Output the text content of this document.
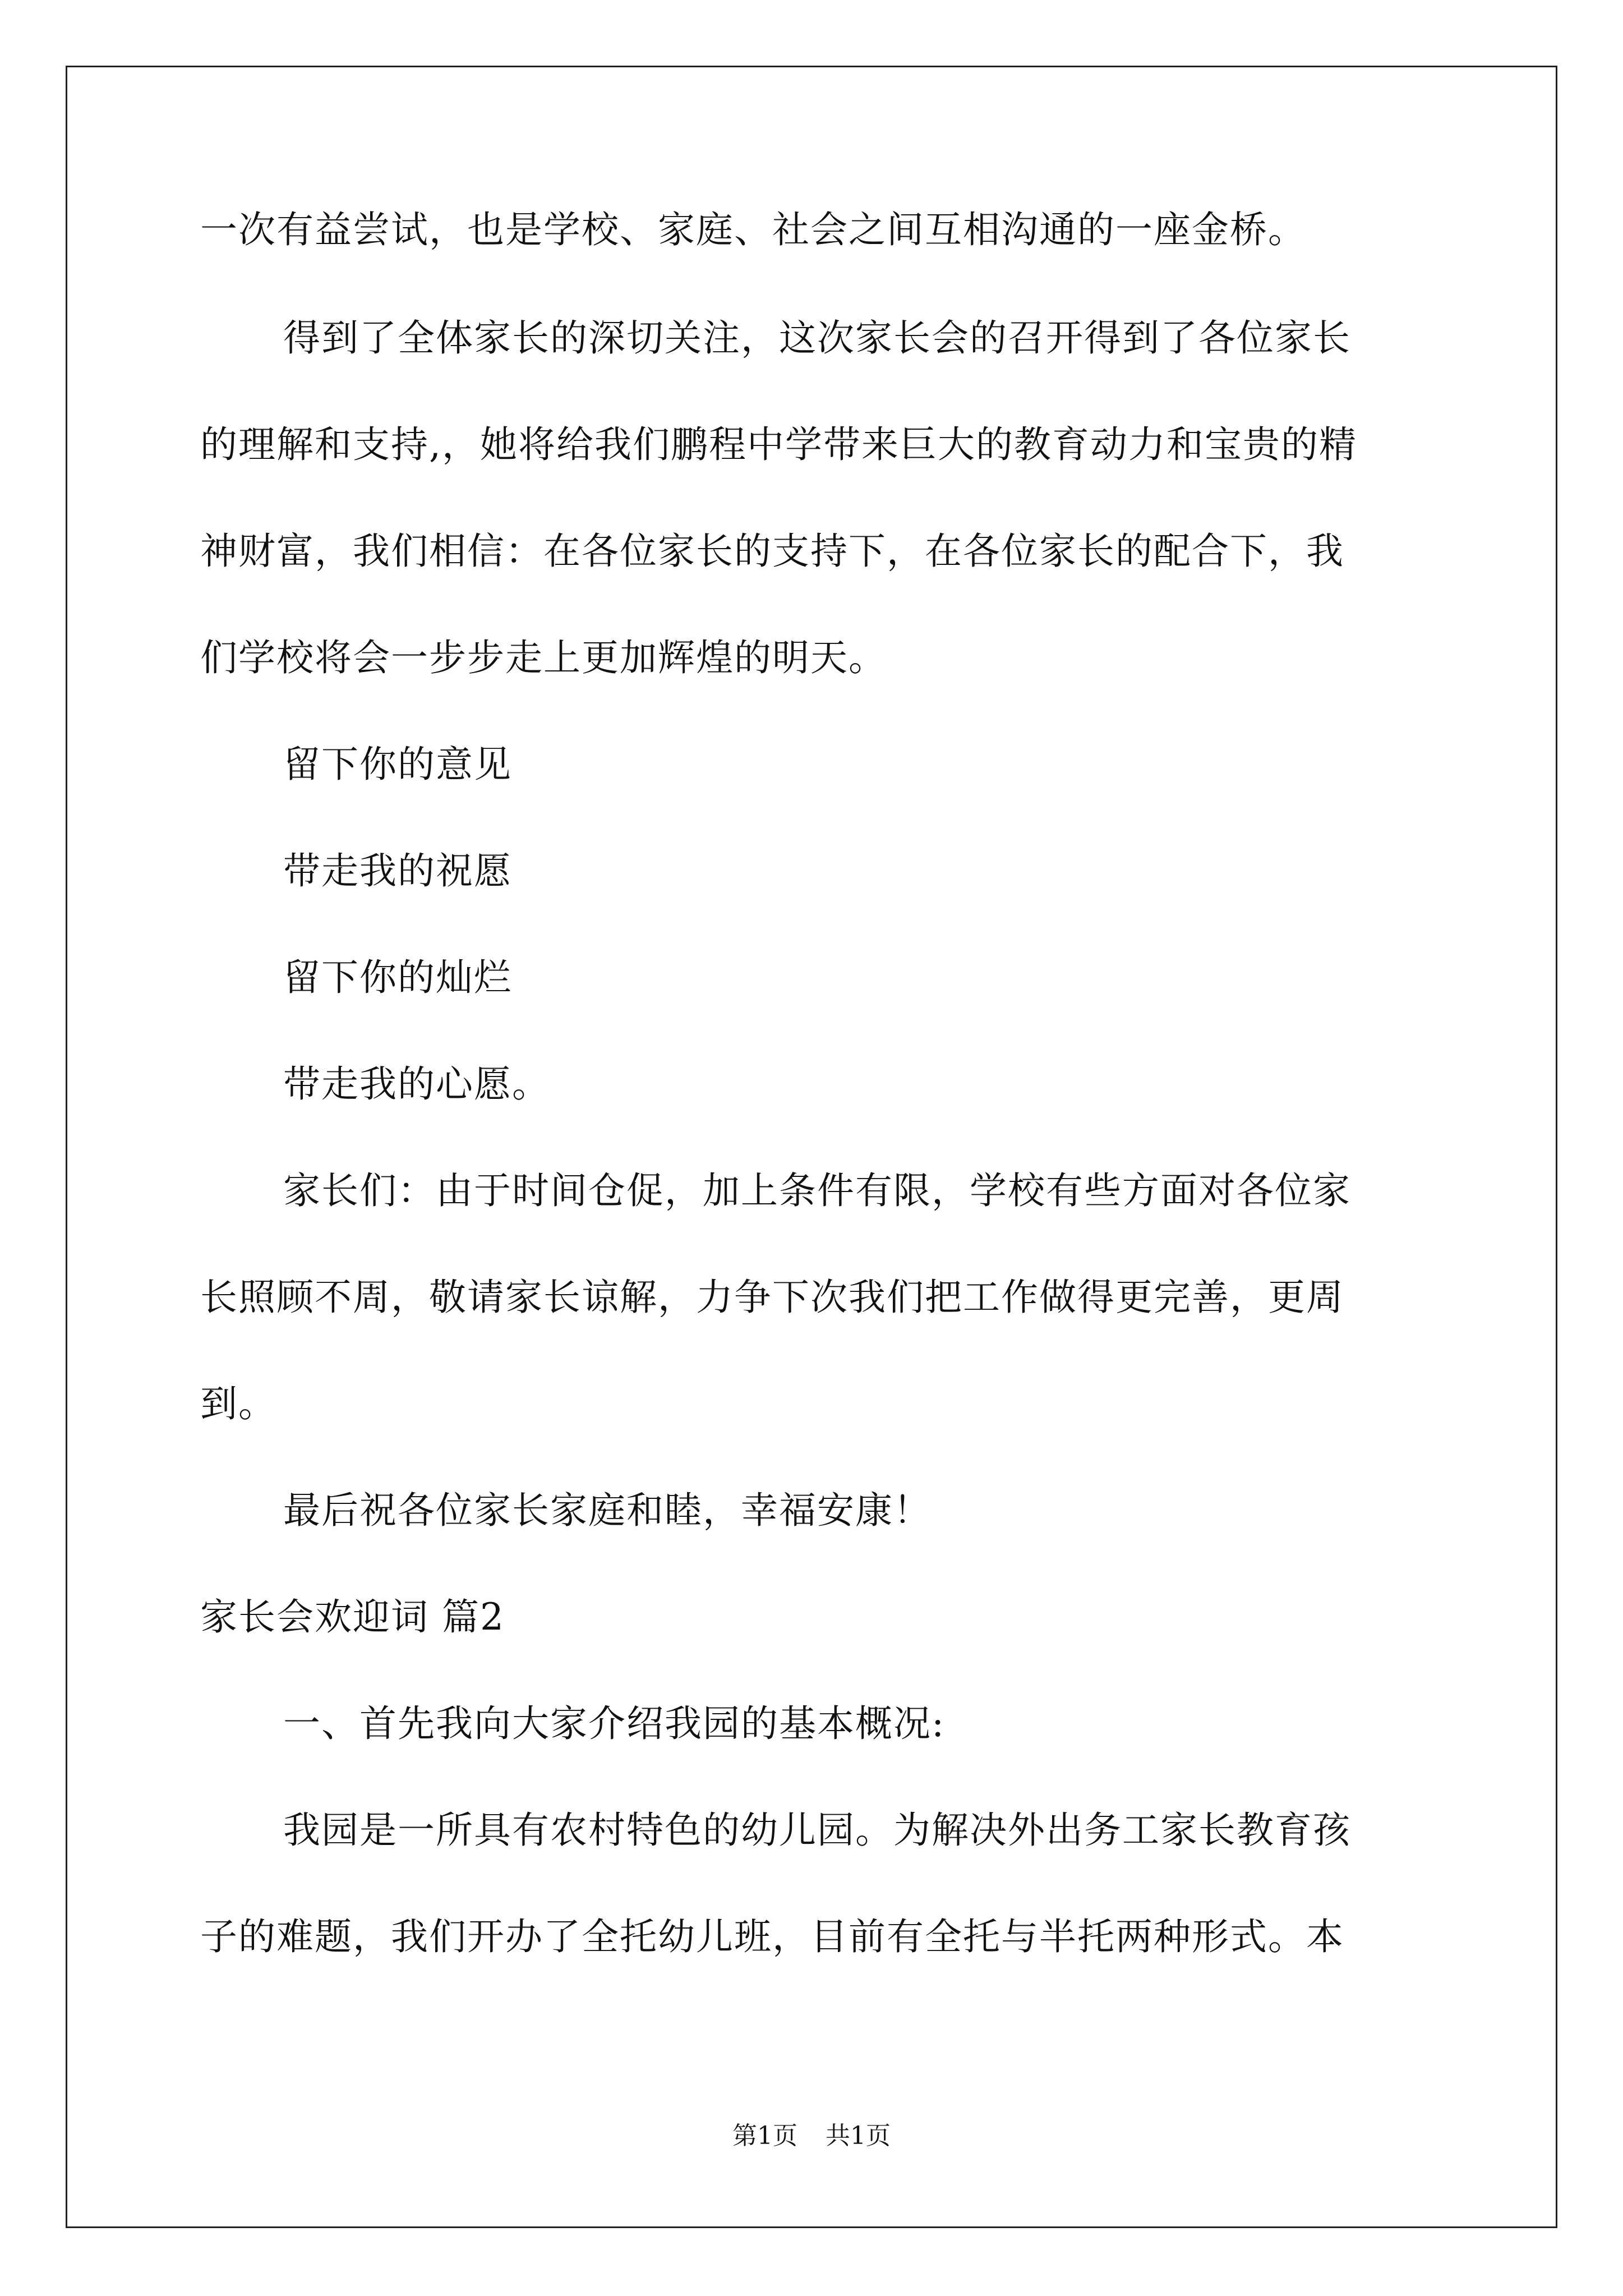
一次有益尝试，也是学校、家庭、社会之间互相沟通的一座金桥。
得到了全体家长的深切关注，这次家长会的召开得到了各位家长
的理解和支持,，她将给我们鹏程中学带来巨大的教育动力和宝贵的精
神财富，我们相信：在各位家长的支持下，在各位家长的配合下，我
们学校将会一步步走上更加辉煌的明天。
留下你的意见
带走我的祝愿
留下你的灿烂
带走我的心愿。
家长们：由于时间仓促，加上条件有限，学校有些方面对各位家
长照顾不周，敬请家长谅解，力争下次我们把工作做得更完善，更周
到。
最后祝各位家长家庭和睦，幸福安康！
家长会欢迎词 篇2
一、首先我向大家介绍我园的基本概况:
我园是一所具有农村特色的幼儿园。为解决外出务工家长教育孩
子的难题，我们开办了全托幼儿班，目前有全托与半托两种形式。本
第1页 共1页
